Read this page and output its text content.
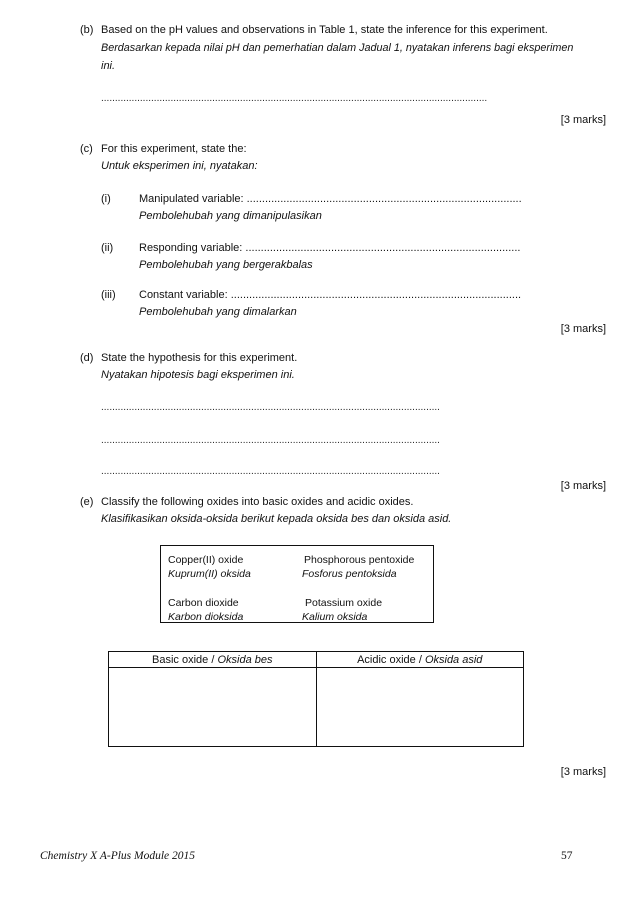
(b) Based on the pH values and observations in Table 1, state the inference for this experiment.
Berdasarkan kepada nilai pH dan pemerhatian dalam Jadual 1, nyatakan inferens bagi eksperimen
ini.
...........................................................................................................................................
[3 marks]
(c) For this experiment, state the:
Untuk eksperimen ini, nyatakan:
(i)	Manipulated variable: ..........................................................................................
Pembolehubah yang dimanipulasikan
(ii) Responding variable: ..........................................................................................
Pembolehubah yang bergerakbalas
(iii) Constant variable: ...............................................................................................
Pembolehubah yang dimalarkan
[3 marks]
(d) State the hypothesis for this experiment.
Nyatakan hipotesis bagi eksperimen ini.
..........................................................................................................................
..........................................................................................................................
..........................................................................................................................
[3 marks]
(e) Classify the following oxides into basic oxides and acidic oxides.
Klasifikasikan oksida-oksida berikut kepada oksida bes dan oksida asid.
Copper(II) oxide
Kuprum(II) oksida
Phosphorous pentoxide
Fosforus pentoksida
Carbon dioxide
Karbon dioksida
Potassium oxide
Kalium oksida
Basic oxide / Oksida bes	Acidic oxide / Oksida asid

[3 marks]
Chemistry X A-Plus Module 2015	57
